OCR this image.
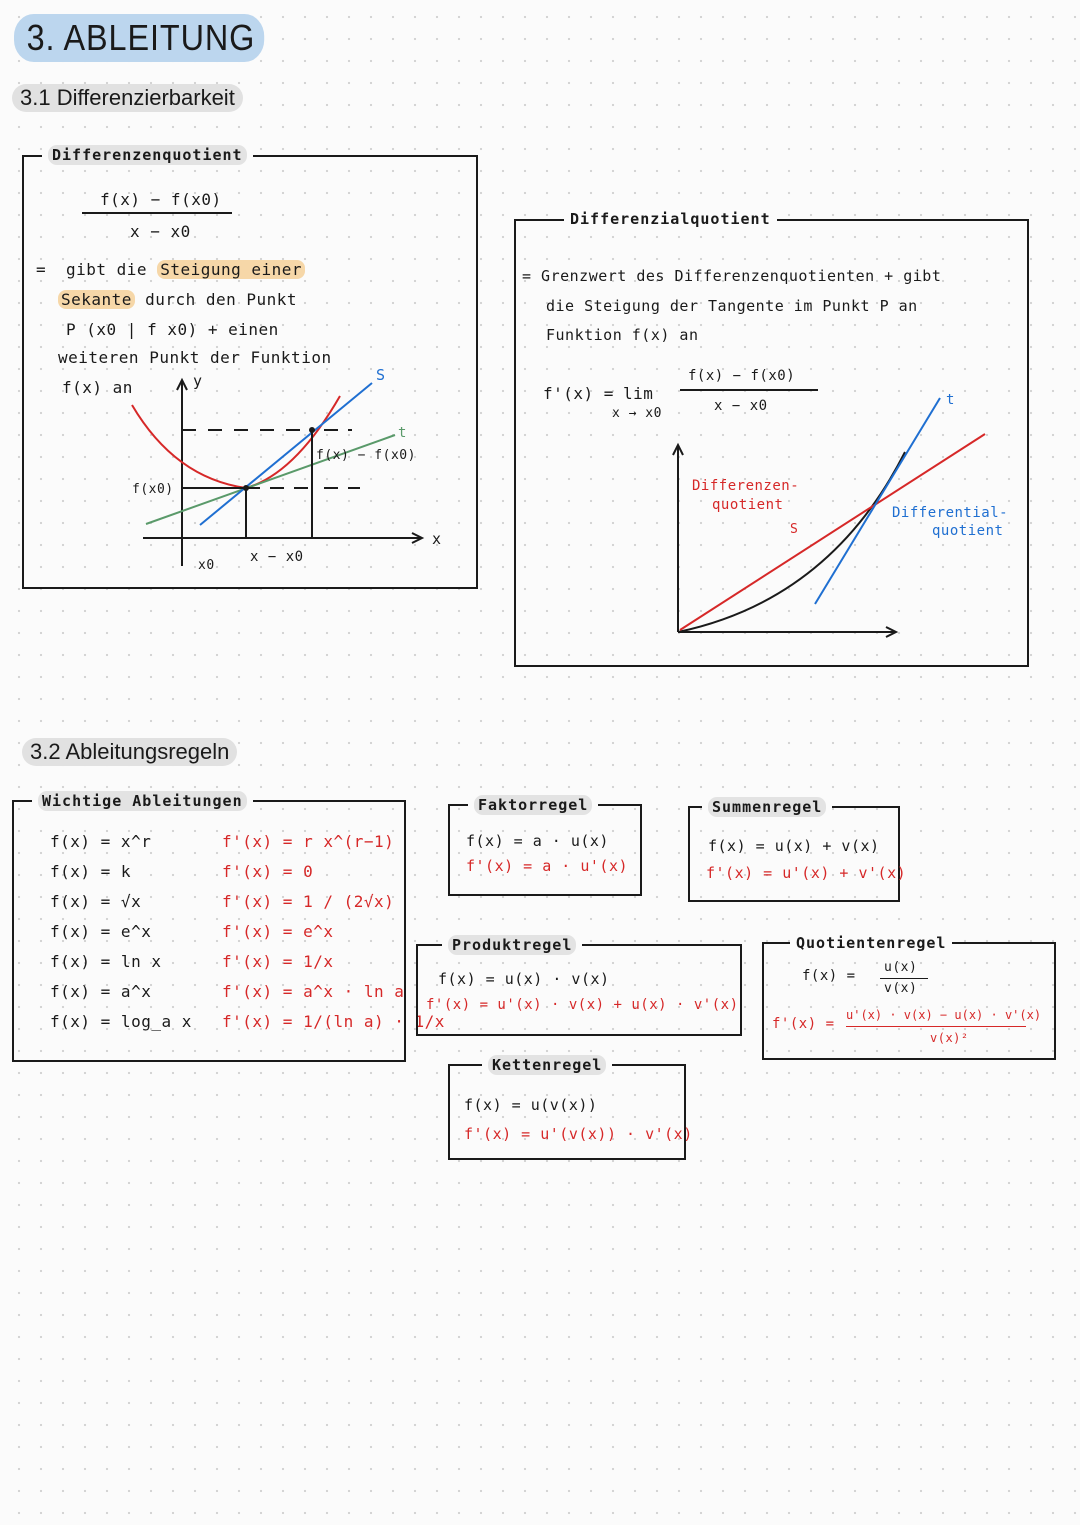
3. ABLEITUNG
3.1 Differenzierbarkeit
Differenzenquotient
f(x) − f(x0)
x − x0
= gibt die Steigung einer
Sekante durch den Punkt
P (x0 | f x0) + einen
weiteren Punkt der Funktion
f(x) an	y	S
t
f(x) − f(x0)
f(x0)
x0
x − x0
x
Differenzialquotient
= Grenzwert des Differenzenquotienten + gibt
die Steigung der Tangente im Punkt P an
Funktion f(x) an
f'(x) = lim
x → x0
f(x) − f(x0)
x − x0	t
S
Differenzen-
quotient	Differential-
quotient
3.2 Ableitungsregeln
Wichtige Ableitungen
f(x) = x^r	f'(x) = r x^(r−1)
f(x) = k	f'(x) = 0
f(x) = √x	f'(x) = 1 / (2√x)
f(x) = e^x	f'(x) = e^x
f(x) = ln x	f'(x) = 1/x
f(x) = a^x	f'(x) = a^x · ln a
f(x) = log_a x f'(x) = 1/(ln a) · 1/x
Faktorregel
f(x) = a · u(x)
f'(x) = a · u'(x)
Summenregel
f(x) = u(x) + v(x)
f'(x) = u'(x) + v'(x)
Produktregel
f(x) = u(x) · v(x)
f'(x) = u'(x) · v(x) + u(x) · v'(x)
Quotientenregel
f(x) =
u(x)
v(x)
f'(x) =
u'(x) · v(x) − u(x) · v'(x)
v(x)²
Kettenregel
f(x) = u(v(x))
f'(x) = u'(v(x)) · v'(x)
